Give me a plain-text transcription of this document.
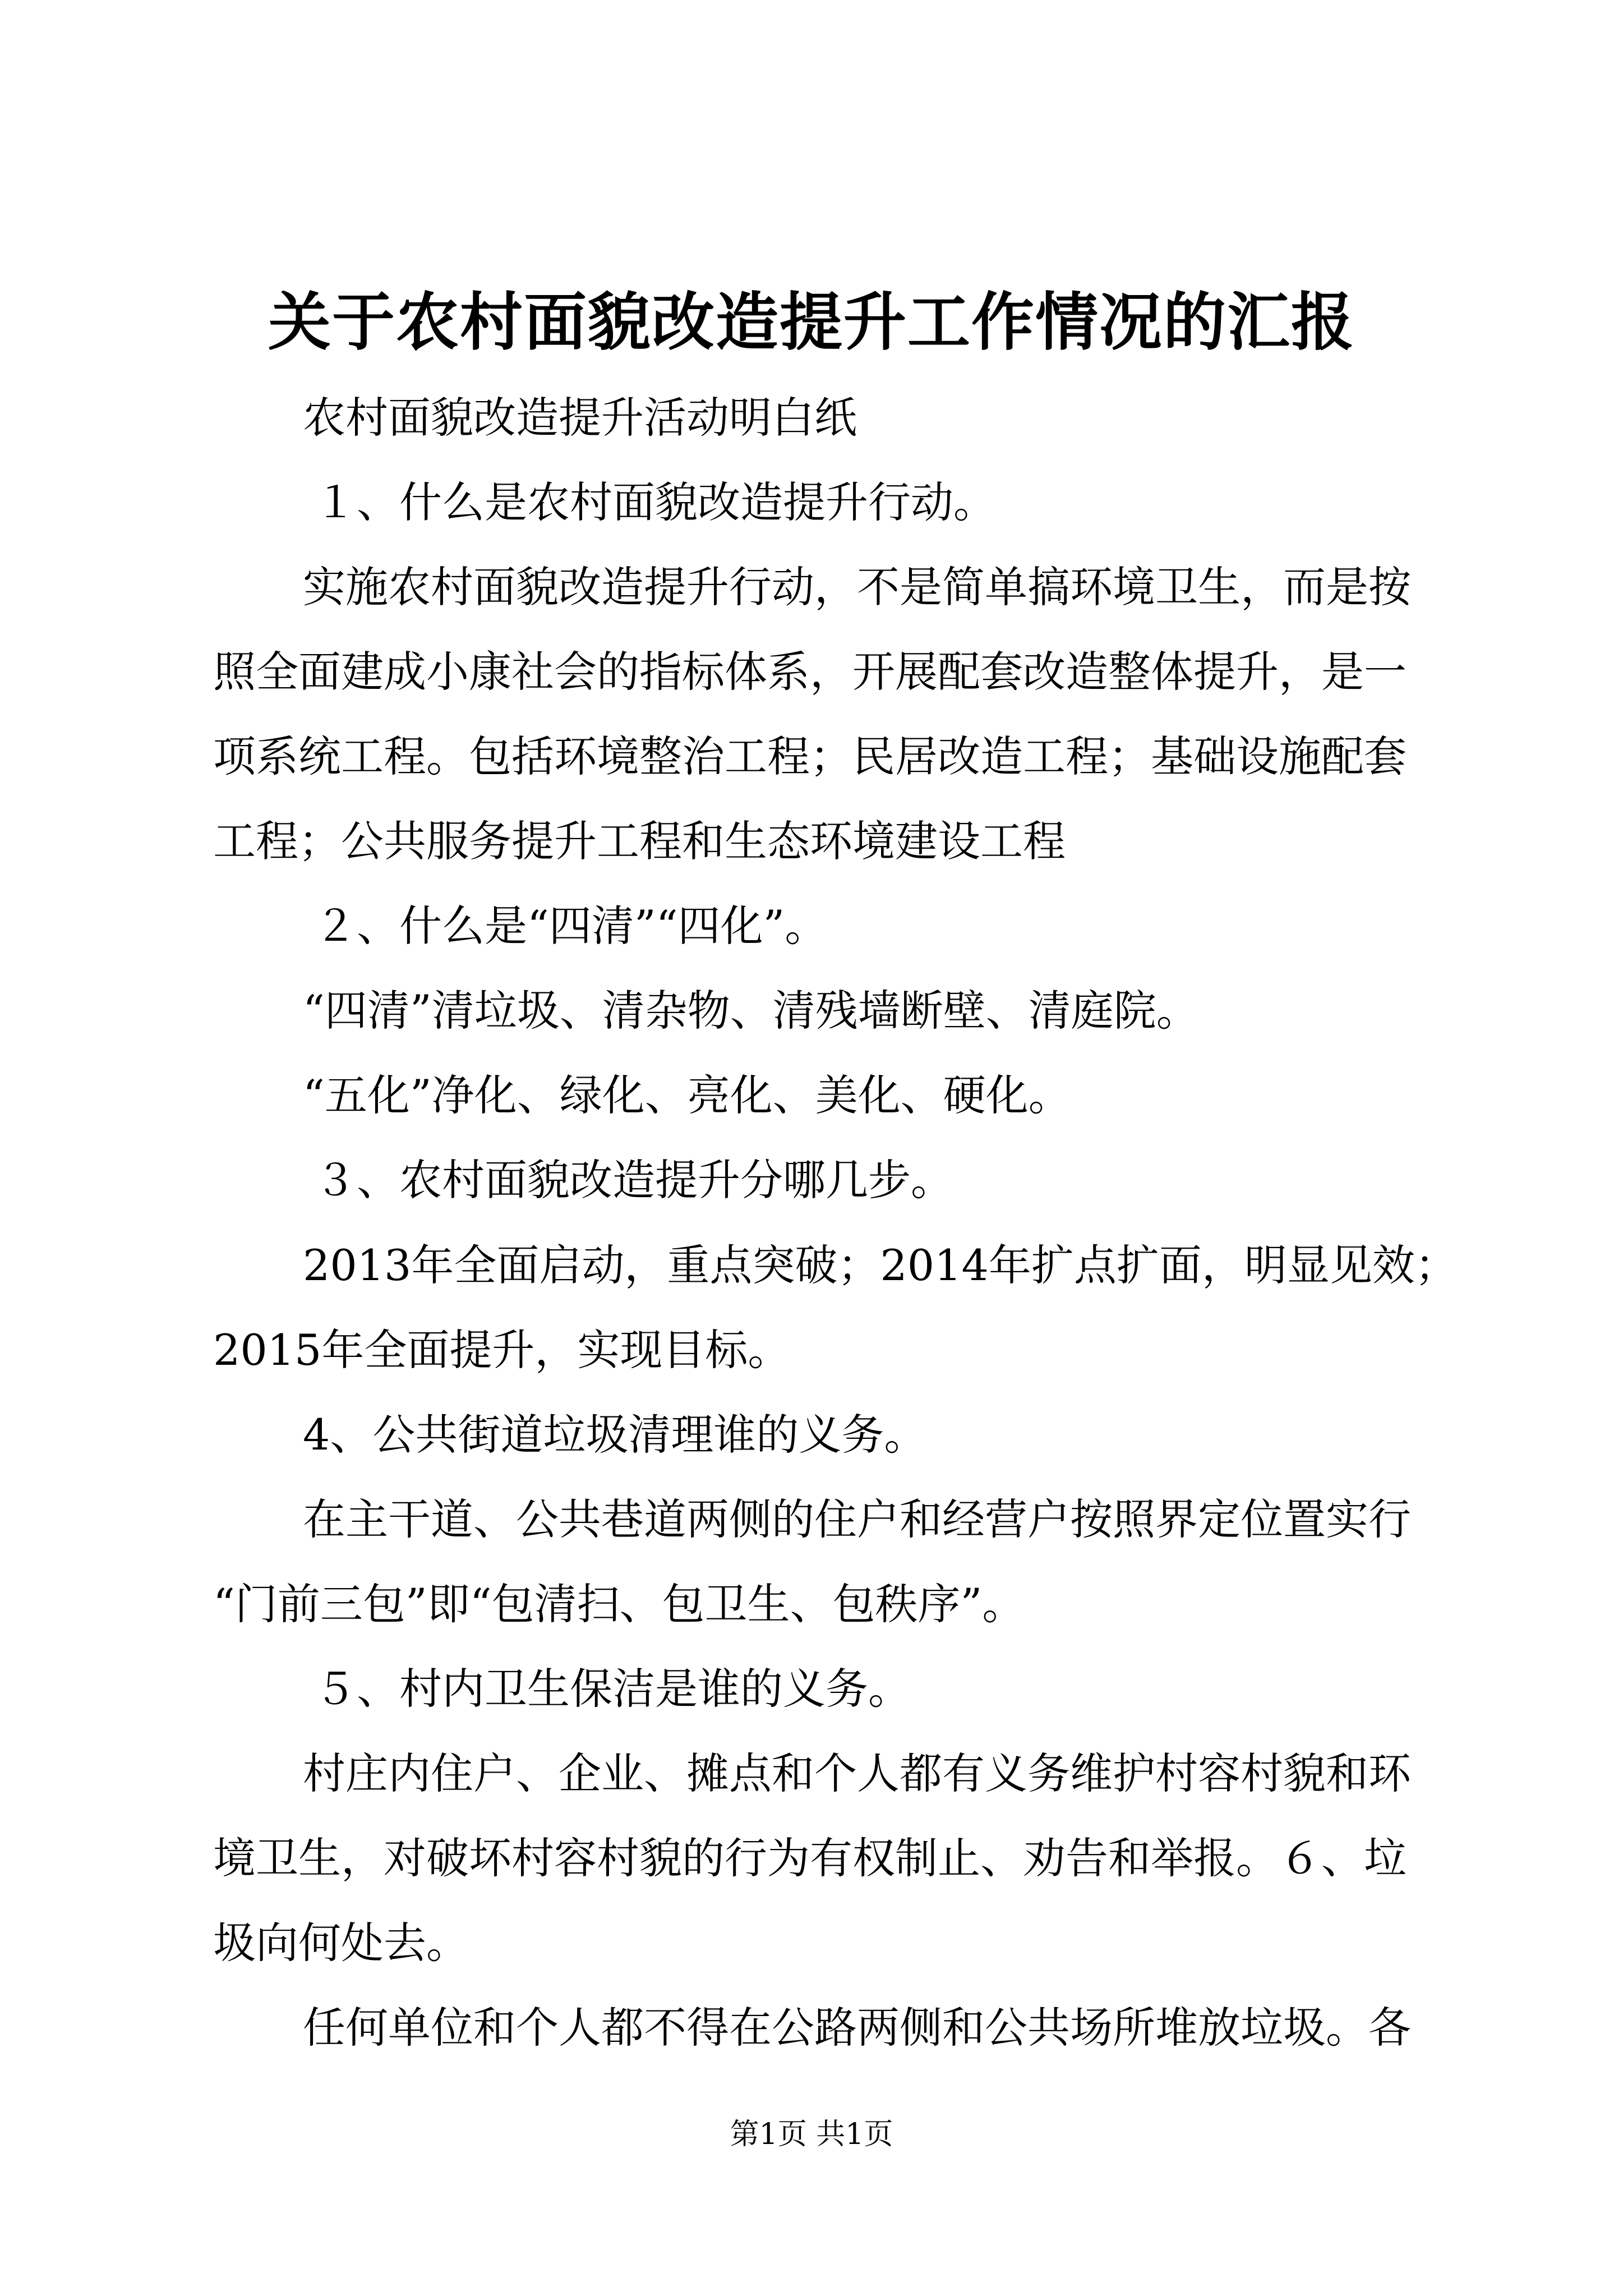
关于农村面貌改造提升工作情况的汇报
农村面貌改造提升活动明白纸
１、什么是农村面貌改造提升行动。
实施农村面貌改造提升行动，不是简单搞环境卫生，而是按
照全面建成小康社会的指标体系，开展配套改造整体提升，是一
项系统工程。包括环境整治工程；民居改造工程；基础设施配套
工程；公共服务提升工程和生态环境建设工程
２、什么是“四清”“四化”。
“四清”清垃圾、清杂物、清残墙断壁、清庭院。
“五化”净化、绿化、亮化、美化、硬化。
３、农村面貌改造提升分哪几步。
2013年全面启动，重点突破；2014年扩点扩面，明显见效；
2015年全面提升，实现目标。
4、公共街道垃圾清理谁的义务。
在主干道、公共巷道两侧的住户和经营户按照界定位置实行
“门前三包”即“包清扫、包卫生、包秩序”。
５、村内卫生保洁是谁的义务。
村庄内住户、企业、摊点和个人都有义务维护村容村貌和环
境卫生，对破坏村容村貌的行为有权制止、劝告和举报。６、垃
圾向何处去。
任何单位和个人都不得在公路两侧和公共场所堆放垃圾。各
第1页 共1页
